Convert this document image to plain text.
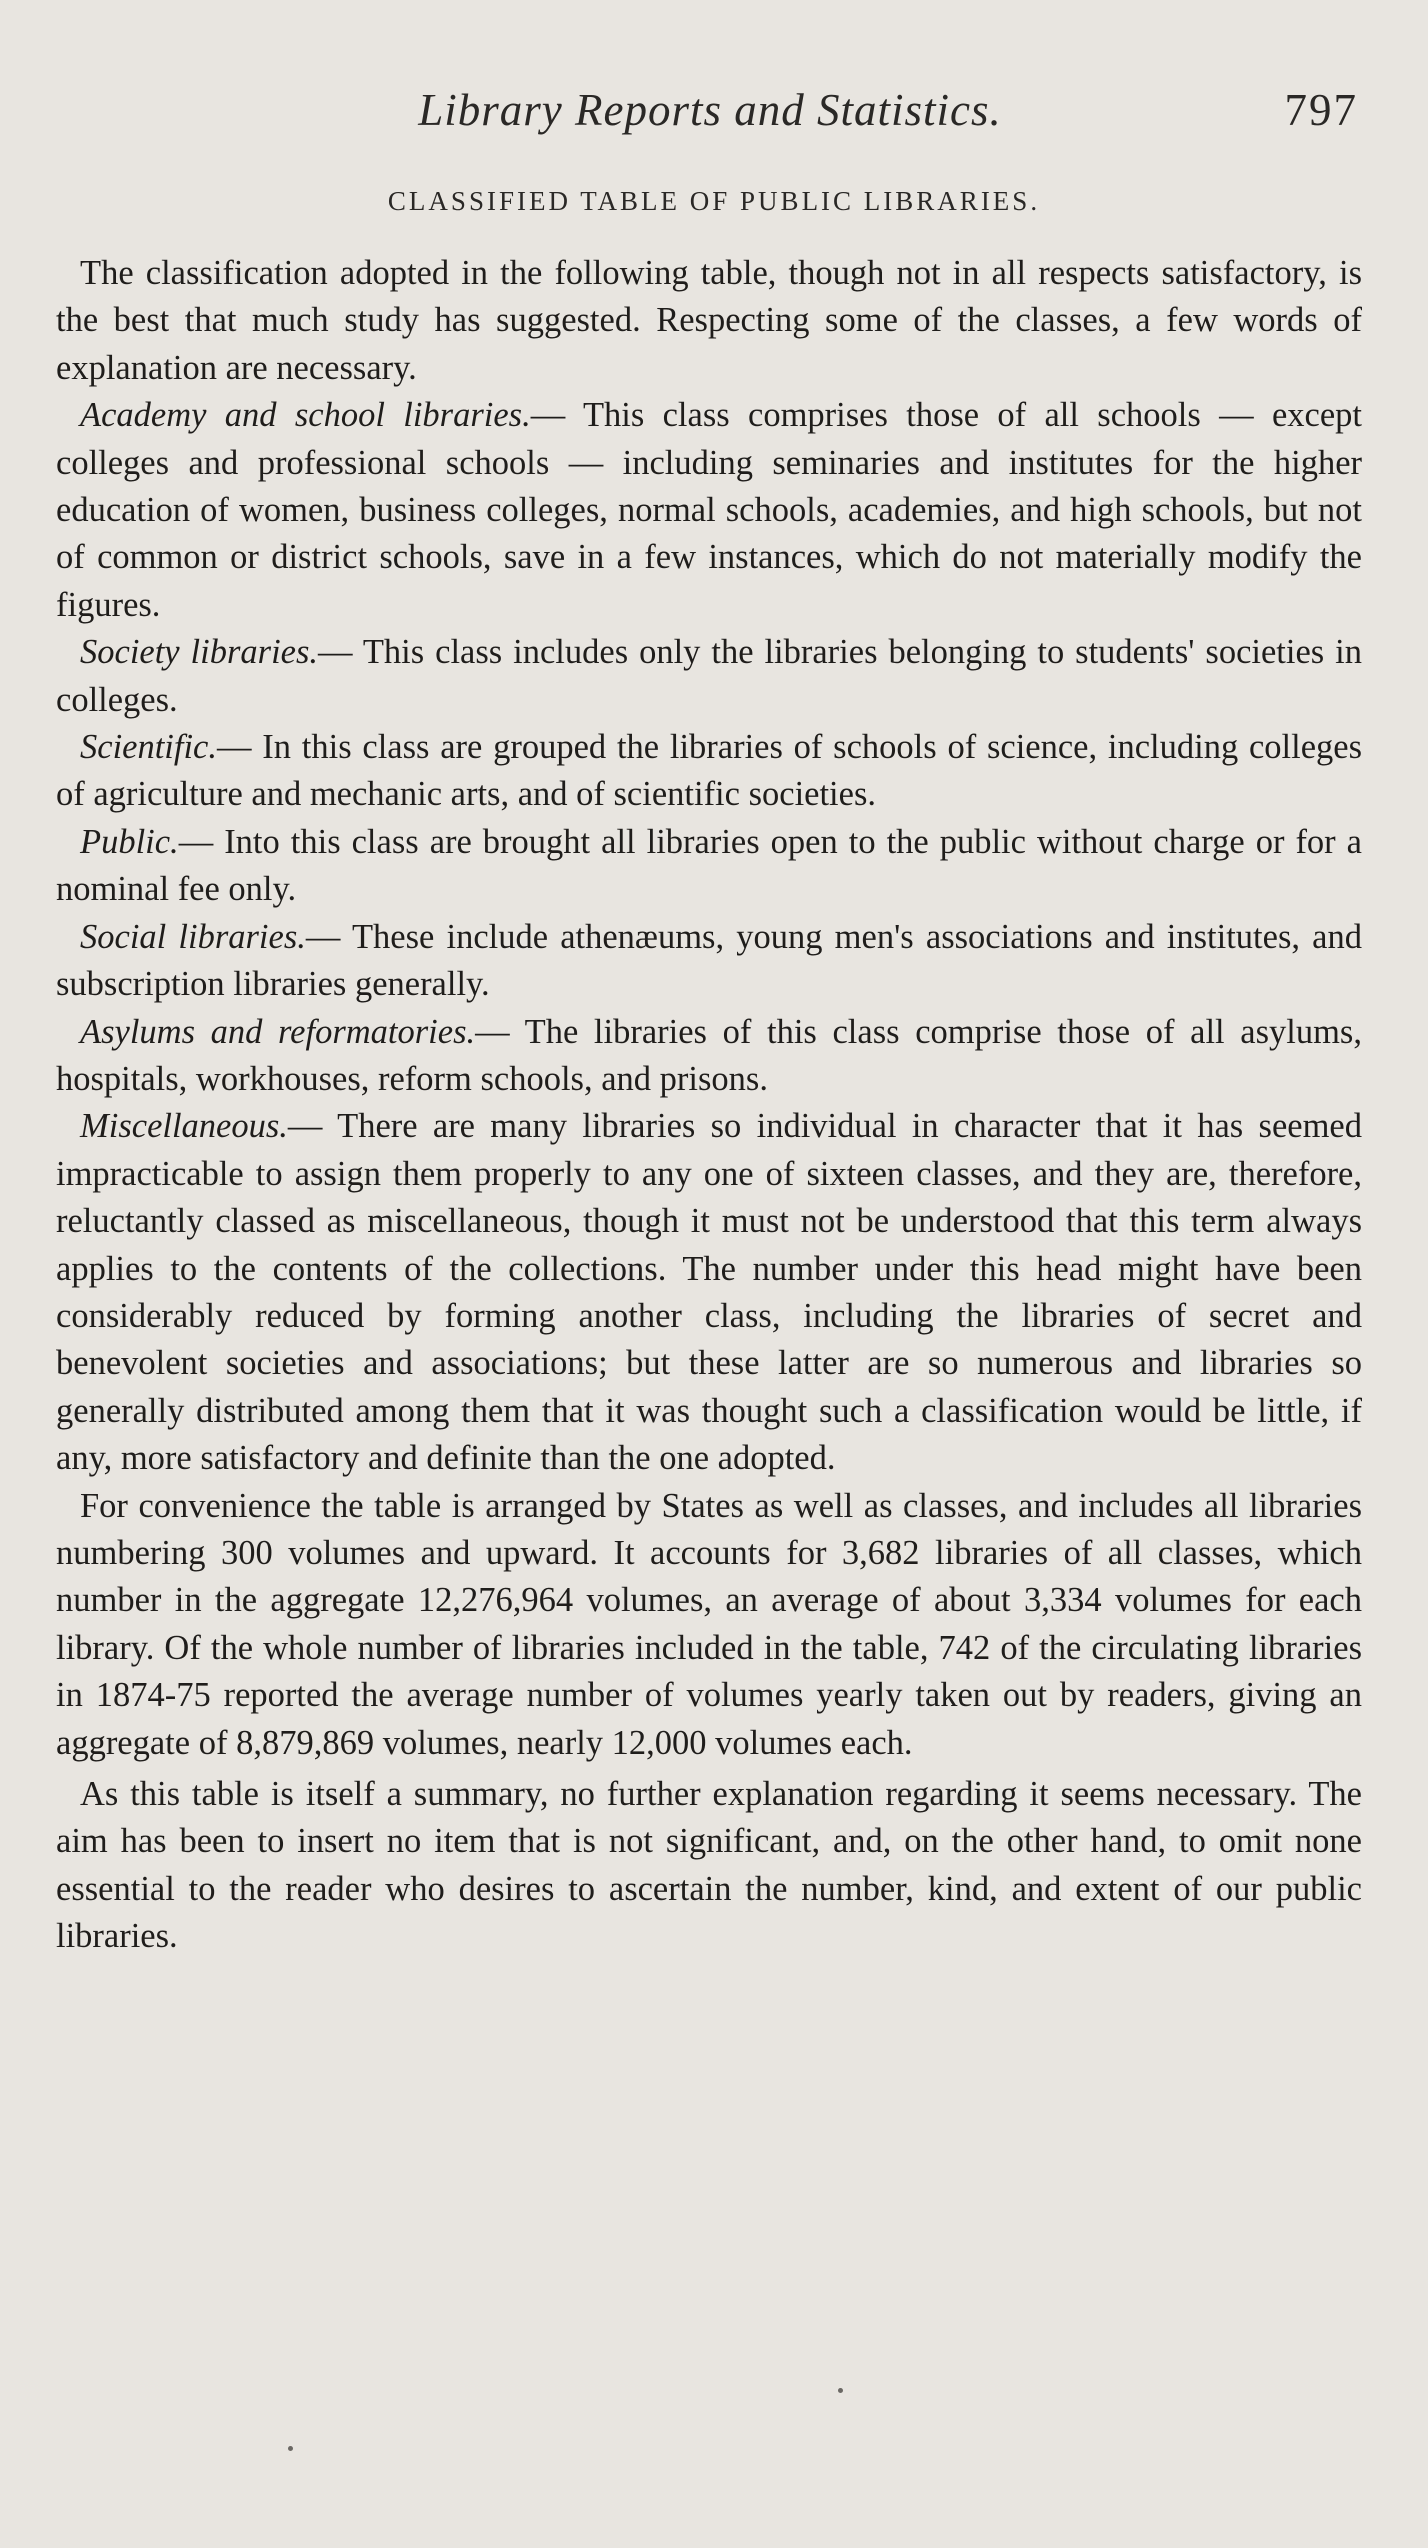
Library Reports and Statistics.	797
CLASSIFIED TABLE OF PUBLIC LIBRARIES.

The classification adopted in the following table, though not in all respects satisfactory, is the best that much study has suggested. Respecting some of the classes, a few words of explanation are necessary.

Academy and school libraries.— This class comprises those of all schools — except colleges and professional schools — including seminaries and institutes for the higher education of women, business colleges, normal schools, academies, and high schools, but not of common or district schools, save in a few instances, which do not materially modify the figures.

Society libraries.— This class includes only the libraries belonging to students' societies in colleges.

Scientific.— In this class are grouped the libraries of schools of science, including colleges of agriculture and mechanic arts, and of scientific societies.

Public.— Into this class are brought all libraries open to the public without charge or for a nominal fee only.

Social libraries.— These include athenæums, young men's associations and institutes, and subscription libraries generally.

Asylums and reformatories.— The libraries of this class comprise those of all asylums, hospitals, workhouses, reform schools, and prisons.

Miscellaneous.— There are many libraries so individual in character that it has seemed impracticable to assign them properly to any one of sixteen classes, and they are, therefore, reluctantly classed as miscellaneous, though it must not be understood that this term always applies to the contents of the collections. The number under this head might have been considerably reduced by forming another class, including the libraries of secret and benevolent societies and associations; but these latter are so numerous and libraries so generally distributed among them that it was thought such a classification would be little, if any, more satisfactory and definite than the one adopted.

For convenience the table is arranged by States as well as classes, and includes all libraries numbering 300 volumes and upward. It accounts for 3,682 libraries of all classes, which number in the aggregate 12,276,964 volumes, an average of about 3,334 volumes for each library. Of the whole number of libraries included in the table, 742 of the circulating libraries in 1874-75 reported the average number of volumes yearly taken out by readers, giving an aggregate of 8,879,869 volumes, nearly 12,000 volumes each.

As this table is itself a summary, no further explanation regarding it seems necessary. The aim has been to insert no item that is not significant, and, on the other hand, to omit none essential to the reader who desires to ascertain the number, kind, and extent of our public libraries.
